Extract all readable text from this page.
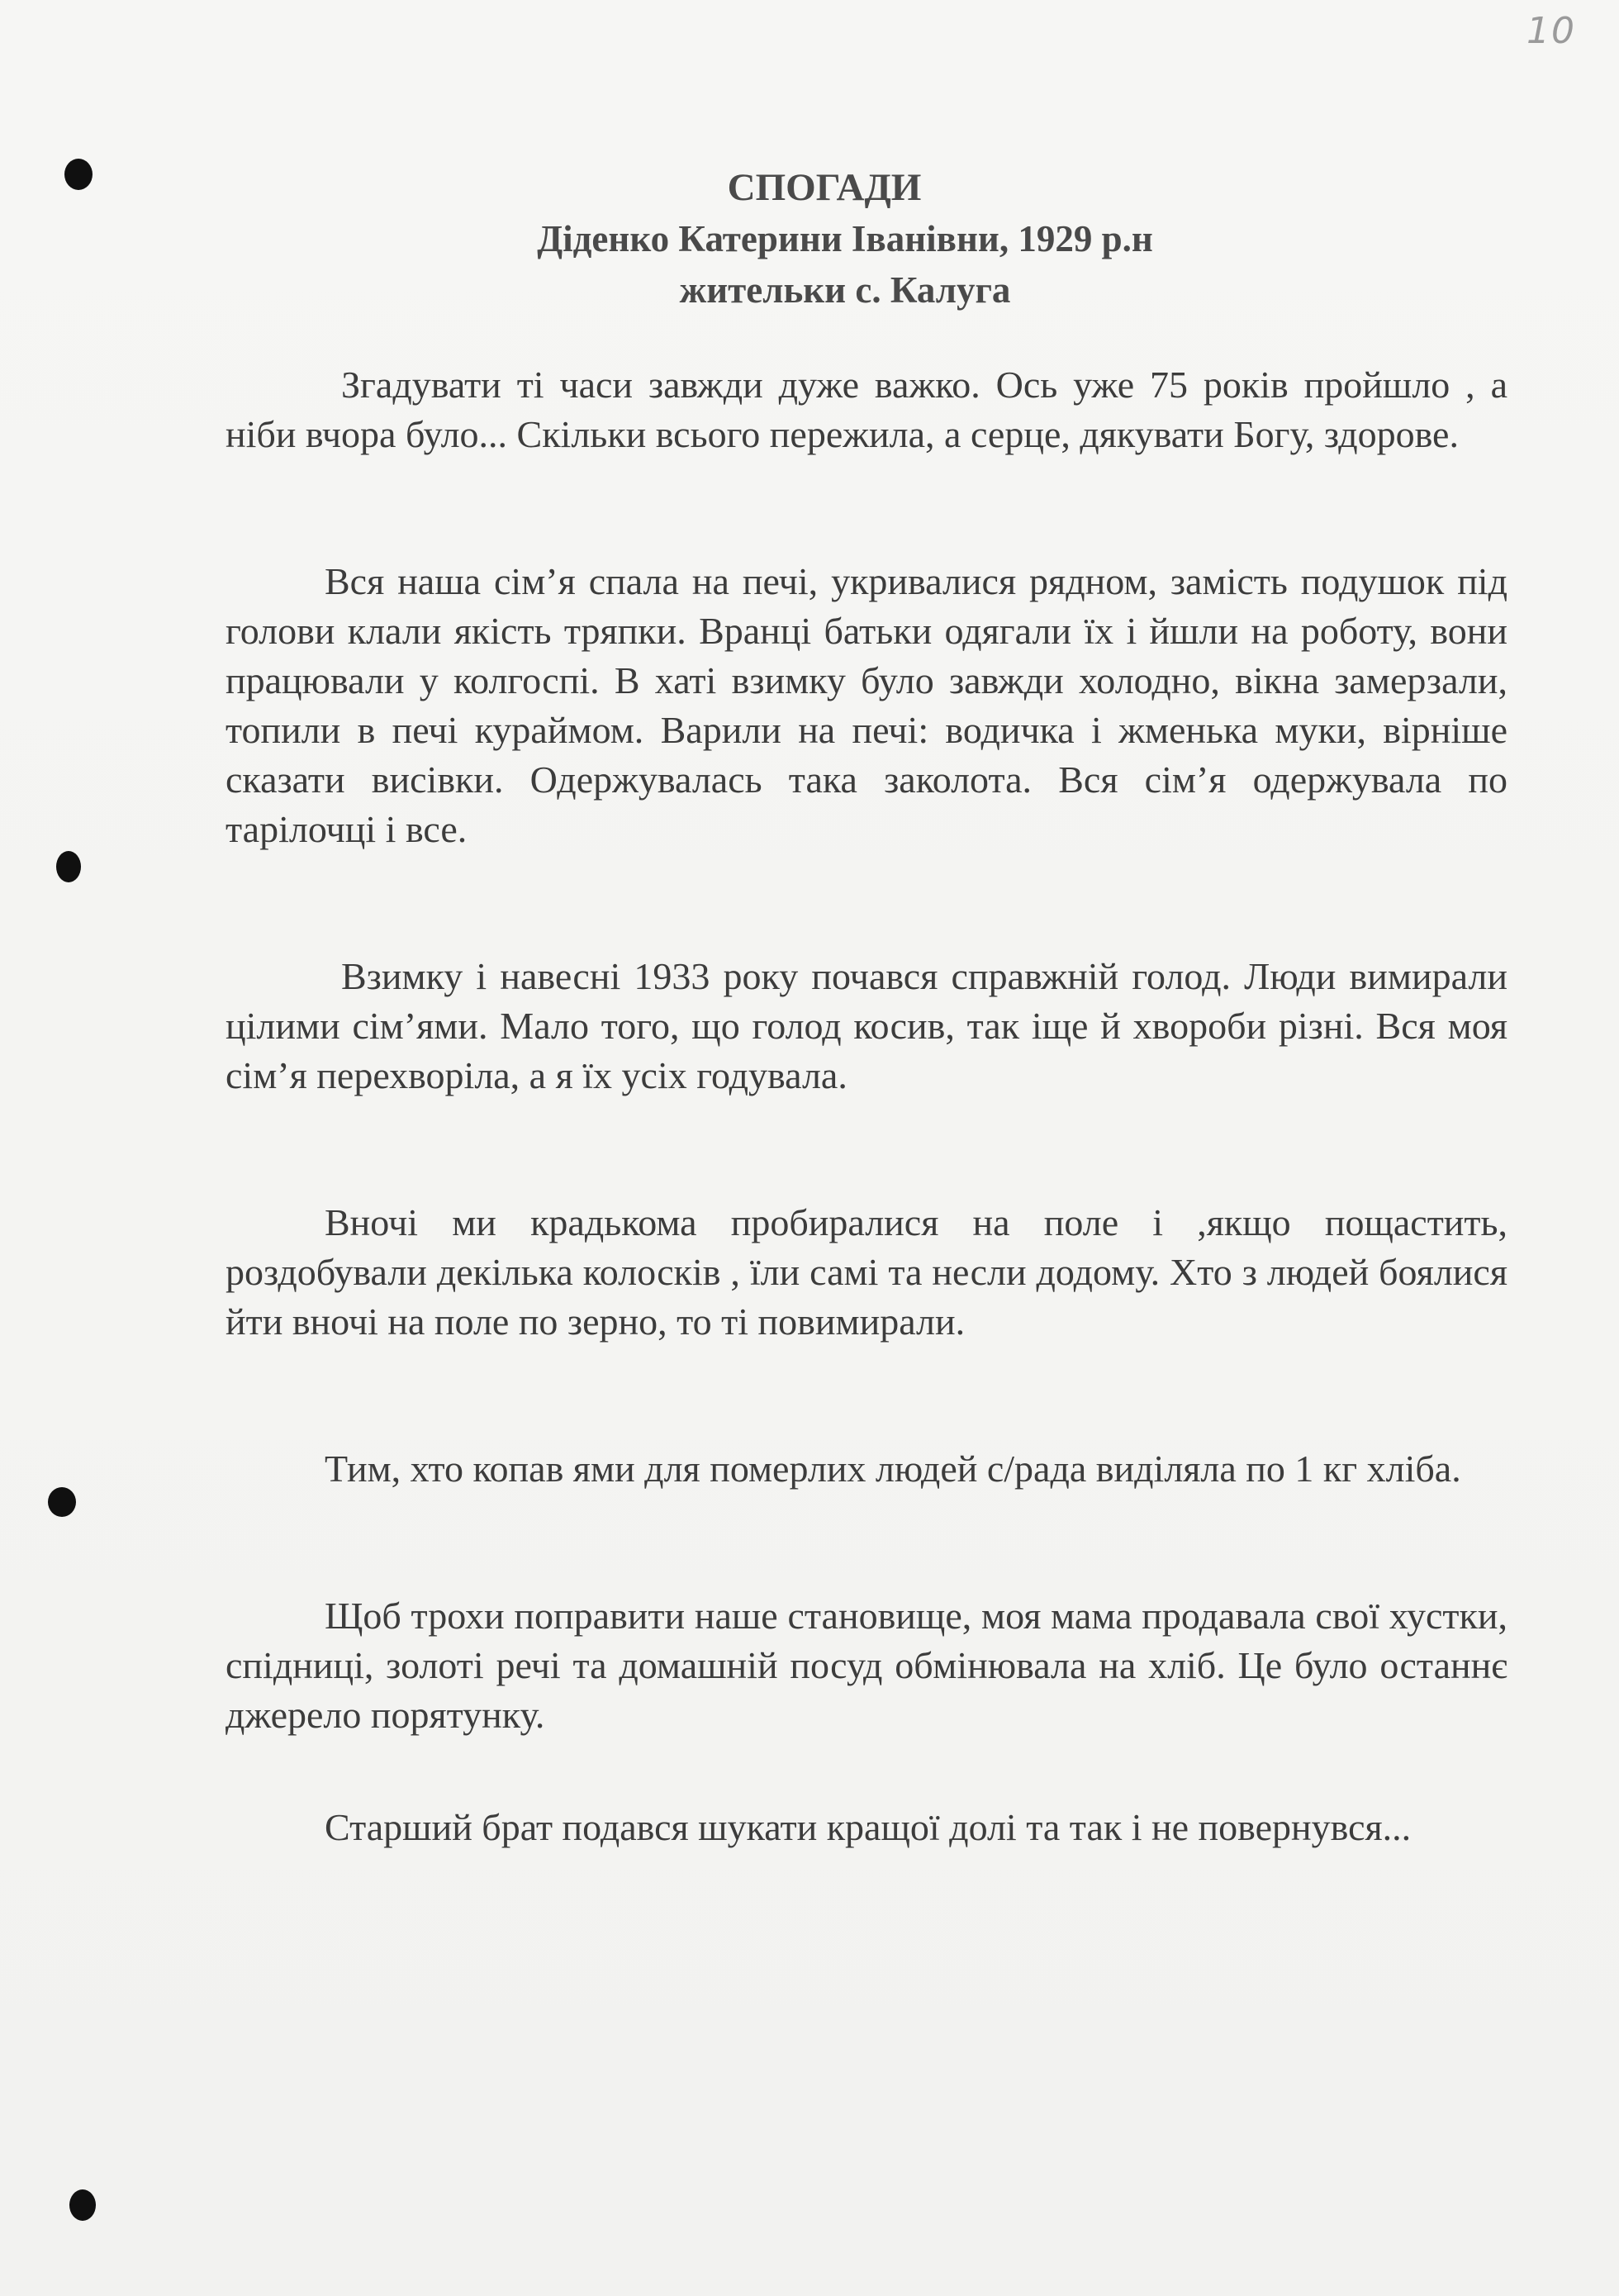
10
СПОГАДИ
Діденко Катерини Іванівни, 1929 р.н
жительки с. Калуга

Згадувати ті часи завжди дуже важко. Ось уже 75 років пройшло , а ніби вчора було... Скільки всього пережила, а серце, дякувати Богу, здорове.

Вся наша сім’я спала на печі, укривалися рядном, замість подушок під голови клали якість тряпки. Вранці батьки одягали їх і йшли на роботу, вони працювали у колгоспі. В хаті взимку було завжди холодно, вікна замерзали, топили в печі кураймом. Варили на печі: водичка і жменька муки, вірніше сказати висівки. Одержувалась така заколота. Вся сім’я одержувала по тарілочці і все.

Взимку і навесні 1933 року почався справжній голод. Люди вимирали цілими сім’ями. Мало того, що голод косив, так іще й хвороби різні. Вся моя сім’я перехворіла, а я їх усіх годувала.

Вночі ми крадькома пробиралися на поле і ,якщо пощастить, роздобували декілька колосків , їли самі та несли додому. Хто з людей боялися йти вночі на поле по зерно, то ті повимирали.

Тим, хто копав ями для померлих людей с/рада виділяла по 1 кг хліба.

Щоб трохи поправити наше становище, моя мама продавала свої хустки, спідниці, золоті речі та домашній посуд обмінювала на хліб. Це було останнє джерело порятунку.

Старший брат подався шукати кращої долі та так і не повернувся...
